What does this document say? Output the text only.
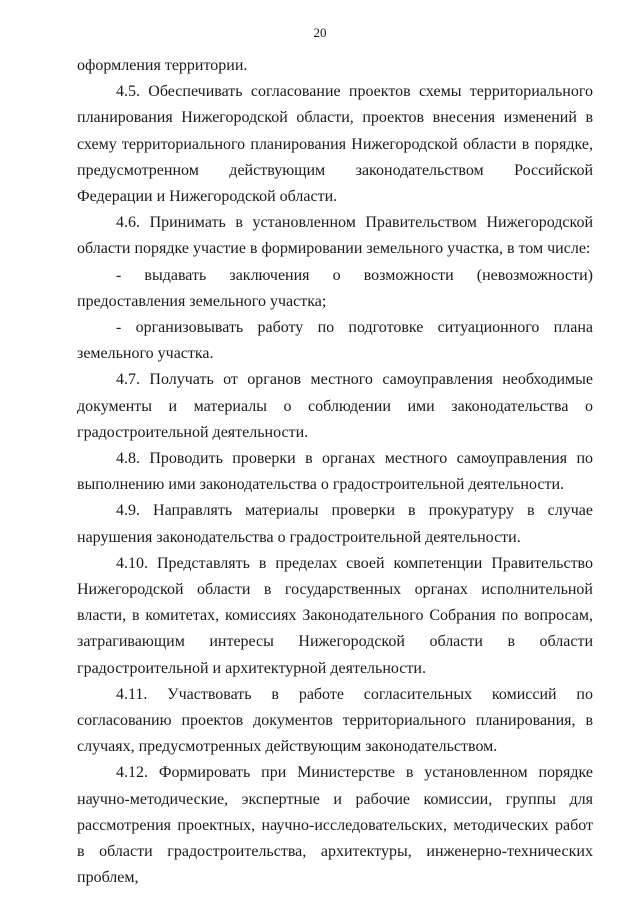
20

оформления территории.

4.5. Обеспечивать согласование проектов схемы территориального планирования Нижегородской области, проектов внесения изменений в схему территориального планирования Нижегородской области в порядке, предусмотренном действующим законодательством Российской Федерации и Нижегородской области.

4.6. Принимать в установленном Правительством Нижегородской области порядке участие в формировании земельного участка, в том числе:

- выдавать заключения о возможности (невозможности) предоставления земельного участка;

- организовывать работу по подготовке ситуационного плана земельного участка.

4.7. Получать от органов местного самоуправления необходимые документы и материалы о соблюдении ими законодательства о градостроительной деятельности.

4.8. Проводить проверки в органах местного самоуправления по выполнению ими законодательства о градостроительной деятельности.

4.9. Направлять материалы проверки в прокуратуру в случае нарушения законодательства о градостроительной деятельности.

4.10. Представлять в пределах своей компетенции Правительство Нижегородской области в государственных органах исполнительной власти, в комитетах, комиссиях Законодательного Собрания по вопросам, затрагивающим интересы Нижегородской области в области градостроительной и архитектурной деятельности.

4.11. Участвовать в работе согласительных комиссий по согласованию проектов документов территориального планирования, в случаях, предусмотренных действующим законодательством.

4.12. Формировать при Министерстве в установленном порядке научно-методические, экспертные и рабочие комиссии, группы для рассмотрения проектных, научно-исследовательских, методических работ в области градостроительства, архитектуры, инженерно-технических проблем,
